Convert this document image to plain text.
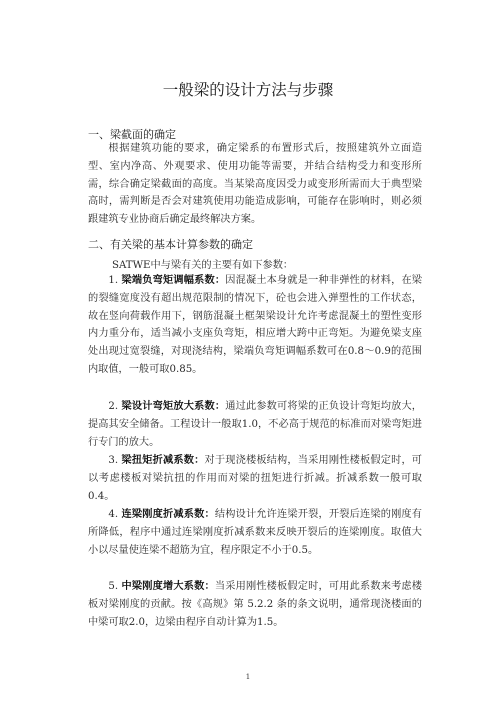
一般梁的设计方法与步骤
一、梁截面的确定
根据建筑功能的要求，确定梁系的布置形式后，按照建筑外立面造型、室内净高、外观要求、使用功能等需要，并结合结构受力和变形所需，综合确定梁截面的高度。当某梁高度因受力或变形所需而大于典型梁高时，需判断是否会对建筑使用功能造成影响，可能存在影响时，则必须跟建筑专业协商后确定最终解决方案。
二、有关梁的基本计算参数的确定
SATWE中与梁有关的主要有如下参数：
1. 梁端负弯矩调幅系数：因混凝土本身就是一种非弹性的材料，在梁的裂缝宽度没有超出规范限制的情况下，砼也会进入弹塑性的工作状态，故在竖向荷载作用下，钢筋混凝土框架梁设计允许考虑混凝土的塑性变形内力重分布，适当减小支座负弯矩，相应增大跨中正弯矩。为避免梁支座处出现过宽裂缝，对现浇结构，梁端负弯矩调幅系数可在0.8～0.9的范围内取值，一般可取0.85。
2. 梁设计弯矩放大系数：通过此参数可将梁的正负设计弯矩均放大，提高其安全储备。工程设计一般取1.0，不必高于规范的标准而对梁弯矩进行专门的放大。
3. 梁扭矩折减系数：对于现浇楼板结构，当采用刚性楼板假定时，可以考虑楼板对梁抗扭的作用而对梁的扭矩进行折减。折减系数一般可取0.4。
4. 连梁刚度折减系数：结构设计允许连梁开裂，开裂后连梁的刚度有所降低，程序中通过连梁刚度折减系数来反映开裂后的连梁刚度。取值大小以尽量使连梁不超筋为宜，程序限定不小于0.5。
5. 中梁刚度增大系数：当采用刚性楼板假定时，可用此系数来考虑楼板对梁刚度的贡献。按《高规》第 5.2.2 条的条文说明，通常现浇楼面的中梁可取2.0，边梁由程序自动计算为1.5。
1
